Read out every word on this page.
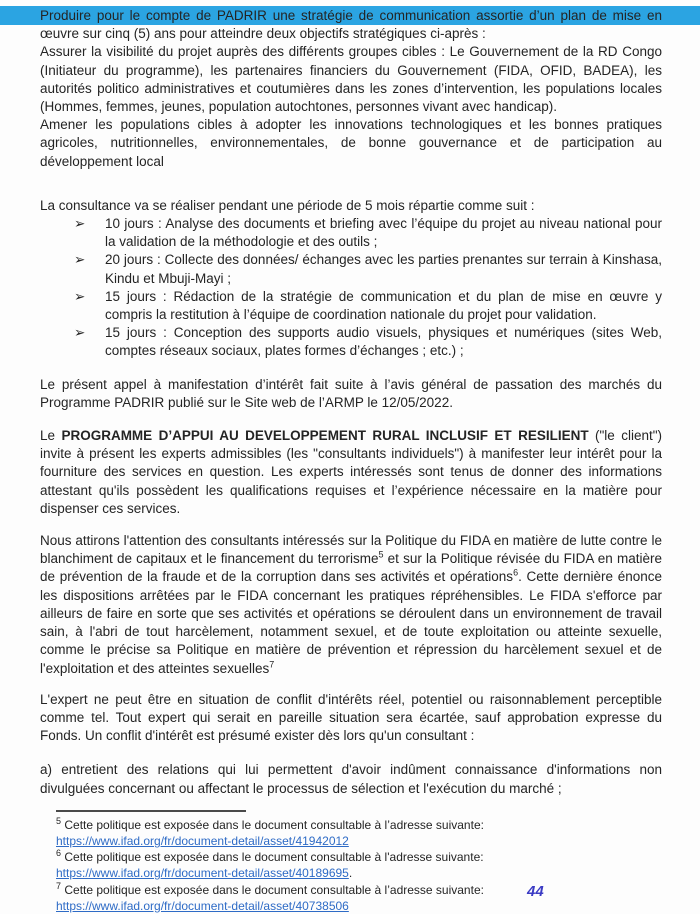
Produire pour le compte de PADRIR une stratégie de communication assortie d’un plan de mise en œuvre sur cinq (5) ans pour atteindre deux objectifs stratégiques ci-après :

Assurer la visibilité du projet auprès des différents groupes cibles : Le Gouvernement de la RD Congo (Initiateur du programme), les partenaires financiers du Gouvernement (FIDA, OFID, BADEA), les autorités politico administratives et coutumières dans les zones d’intervention, les populations locales (Hommes, femmes, jeunes, population autochtones, personnes vivant avec handicap).

Amener les populations cibles à adopter les innovations technologiques et les bonnes pratiques agricoles, nutritionnelles, environnementales, de bonne gouvernance et de participation au développement local

La consultance va se réaliser pendant une période de 5 mois répartie comme suit :

➢	10 jours : Analyse des documents et briefing avec l’équipe du projet au niveau national pour la validation de la méthodologie et des outils ;
➢	20 jours : Collecte des données/ échanges avec les parties prenantes sur terrain à Kinshasa, Kindu et Mbuji-Mayi ;
➢	15 jours : Rédaction de la stratégie de communication et du plan de mise en œuvre y compris la restitution à l’équipe de coordination nationale du projet pour validation.
➢	15 jours : Conception des supports audio visuels, physiques et numériques (sites Web, comptes réseaux sociaux, plates formes d’échanges ; etc.) ;

Le présent appel à manifestation d’intérêt fait suite à l’avis général de passation des marchés du Programme PADRIR publié sur le Site web de l’ARMP le 12/05/2022.

Le PROGRAMME D’APPUI AU DEVELOPPEMENT RURAL INCLUSIF ET RESILIENT ("le client") invite à présent les experts admissibles (les "consultants individuels") à manifester leur intérêt pour la fourniture des services en question. Les experts intéressés sont tenus de donner des informations attestant qu'ils possèdent les qualifications requises et l’expérience nécessaire en la matière pour dispenser ces services.

Nous attirons l'attention des consultants intéressés sur la Politique du FIDA en matière de lutte contre le blanchiment de capitaux et le financement du terrorisme$^5$ et sur la Politique révisée du FIDA en matière de prévention de la fraude et de la corruption dans ses activités et opérations$^6$. Cette dernière énonce les dispositions arrêtées par le FIDA concernant les pratiques répréhensibles. Le FIDA s'efforce par ailleurs de faire en sorte que ses activités et opérations se déroulent dans un environnement de travail sain, à l'abri de tout harcèlement, notamment sexuel, et de toute exploitation ou atteinte sexuelle, comme le précise sa Politique en matière de prévention et répression du harcèlement sexuel et de l'exploitation et des atteintes sexuelles$^7$

L'expert ne peut être en situation de conflit d'intérêts réel, potentiel ou raisonnablement perceptible comme tel. Tout expert qui serait en pareille situation sera écartée, sauf approbation expresse du Fonds. Un conflit d'intérêt est présumé exister dès lors qu'un consultant :

a) entretient des relations qui lui permettent d'avoir indûment connaissance d'informations non divulguées concernant ou affectant le processus de sélection et l'exécution du marché ;

$^5$ Cette politique est exposée dans le document consultable à l’adresse suivante:
https://www.ifad.org/fr/document-detail/asset/41942012
$^6$ Cette politique est exposée dans le document consultable à l'adresse suivante:
https://www.ifad.org/fr/document-detail/asset/40189695.
$^7$ Cette politique est exposée dans le document consultable à l’adresse suivante:
https://www.ifad.org/fr/document-detail/asset/40738506
44
